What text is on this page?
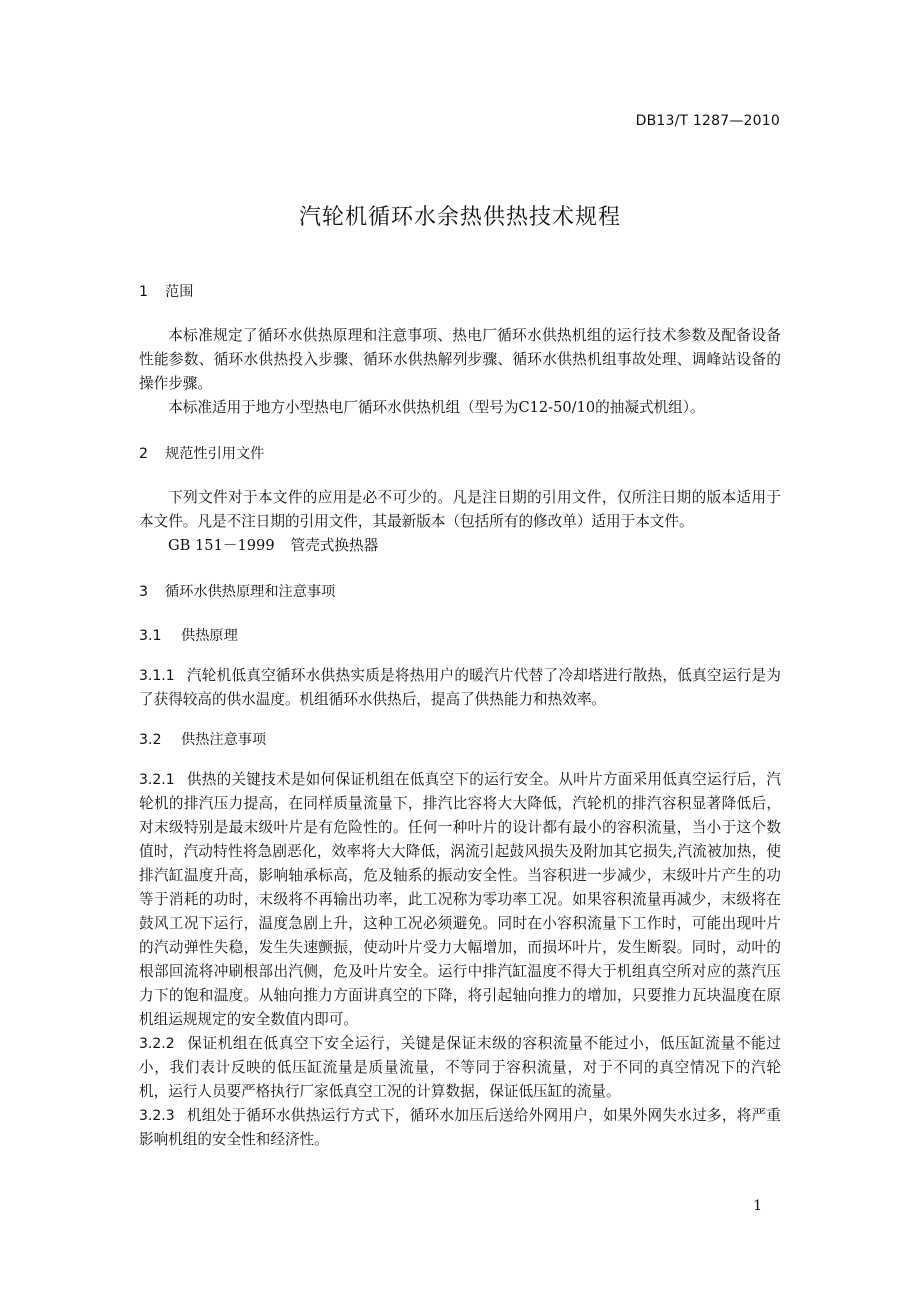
DB13/T 1287—2010
汽轮机循环水余热供热技术规程
1 范围

本标准规定了循环水供热原理和注意事项、热电厂循环水供热机组的运行技术参数及配备设备性能参数、循环水供热投入步骤、循环水供热解列步骤、循环水供热机组事故处理、调峰站设备的操作步骤。

本标准适用于地方小型热电厂循环水供热机组（型号为C12-50/10的抽凝式机组）。

2 规范性引用文件

下列文件对于本文件的应用是必不可少的。凡是注日期的引用文件，仅所注日期的版本适用于本文件。凡是不注日期的引用文件，其最新版本（包括所有的修改单）适用于本文件。

GB 151－1999 管壳式换热器

3 循环水供热原理和注意事项
3.1 供热原理

3.1.1 汽轮机低真空循环水供热实质是将热用户的暖汽片代替了冷却塔进行散热，低真空运行是为了获得较高的供水温度。机组循环水供热后，提高了供热能力和热效率。

3.2 供热注意事项

3.2.1 供热的关键技术是如何保证机组在低真空下的运行安全。从叶片方面采用低真空运行后，汽轮机的排汽压力提高，在同样质量流量下，排汽比容将大大降低，汽轮机的排汽容积显著降低后，对末级特别是最末级叶片是有危险性的。任何一种叶片的设计都有最小的容积流量，当小于这个数值时，汽动特性将急剧恶化，效率将大大降低，涡流引起鼓风损失及附加其它损失,汽流被加热，使排汽缸温度升高，影响轴承标高，危及轴系的振动安全性。当容积进一步减少，末级叶片产生的功等于消耗的功时，末级将不再输出功率，此工况称为零功率工况。如果容积流量再减少，末级将在鼓风工况下运行，温度急剧上升，这种工况必须避免。同时在小容积流量下工作时，可能出现叶片的汽动弹性失稳，发生失速颤振，使动叶片受力大幅增加，而损坏叶片，发生断裂。同时，动叶的根部回流将冲刷根部出汽侧，危及叶片安全。运行中排汽缸温度不得大于机组真空所对应的蒸汽压力下的饱和温度。从轴向推力方面讲真空的下降，将引起轴向推力的增加，只要推力瓦块温度在原机组运规规定的安全数值内即可。

3.2.2 保证机组在低真空下安全运行，关键是保证末级的容积流量不能过小，低压缸流量不能过小，我们表计反映的低压缸流量是质量流量，不等同于容积流量，对于不同的真空情况下的汽轮机，运行人员要严格执行厂家低真空工况的计算数据，保证低压缸的流量。

3.2.3 机组处于循环水供热运行方式下，循环水加压后送给外网用户，如果外网失水过多，将严重影响机组的安全性和经济性。

1
